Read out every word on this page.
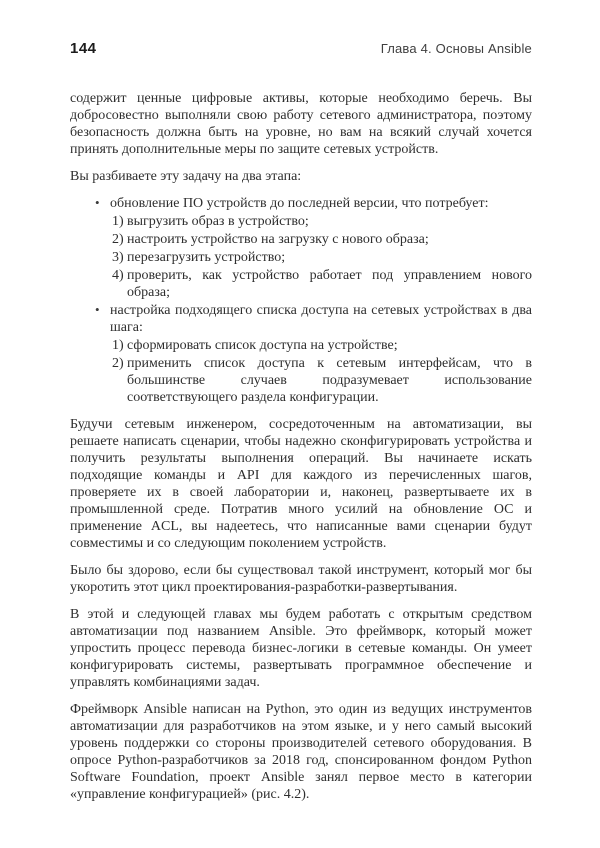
144	Глава 4. Основы Ansible

содержит ценные цифровые активы, которые необходимо беречь. Вы добросовестно выполняли свою работу сетевого администратора, поэтому безопасность должна быть на уровне, но вам на всякий случай хочется принять дополнительные меры по защите сетевых устройств.

Вы разбиваете эту задачу на два этапа:

• обновление ПО устройств до последней версии, что потребует:
1) выгрузить образ в устройство;
2) настроить устройство на загрузку с нового образа;
3) перезагрузить устройство;
4) проверить, как устройство работает под управлением нового образа;
• настройка подходящего списка доступа на сетевых устройствах в два шага:
1) сформировать список доступа на устройстве;
2) применить список доступа к сетевым интерфейсам, что в большинстве случаев подразумевает использование соответствующего раздела конфигурации.

Будучи сетевым инженером, сосредоточенным на автоматизации, вы решаете написать сценарии, чтобы надежно сконфигурировать устройства и получить результаты выполнения операций. Вы начинаете искать подходящие команды и API для каждого из перечисленных шагов, проверяете их в своей лаборатории и, наконец, развертываете их в промышленной среде. Потратив много усилий на обновление ОС и применение ACL, вы надеетесь, что написанные вами сценарии будут совместимы и со следующим поколением устройств.

Было бы здорово, если бы существовал такой инструмент, который мог бы укоротить этот цикл проектирования-разработки-развертывания.

В этой и следующей главах мы будем работать с открытым средством автоматизации под названием Ansible. Это фреймворк, который может упростить процесс перевода бизнес-логики в сетевые команды. Он умеет конфигурировать системы, развертывать программное обеспечение и управлять комбинациями задач.

Фреймворк Ansible написан на Python, это один из ведущих инструментов автоматизации для разработчиков на этом языке, и у него самый высокий уровень поддержки со стороны производителей сетевого оборудования. В опросе Python-разработчиков за 2018 год, спонсированном фондом Python Software Foundation, проект Ansible занял первое место в категории «управление конфигурацией» (рис. 4.2).
